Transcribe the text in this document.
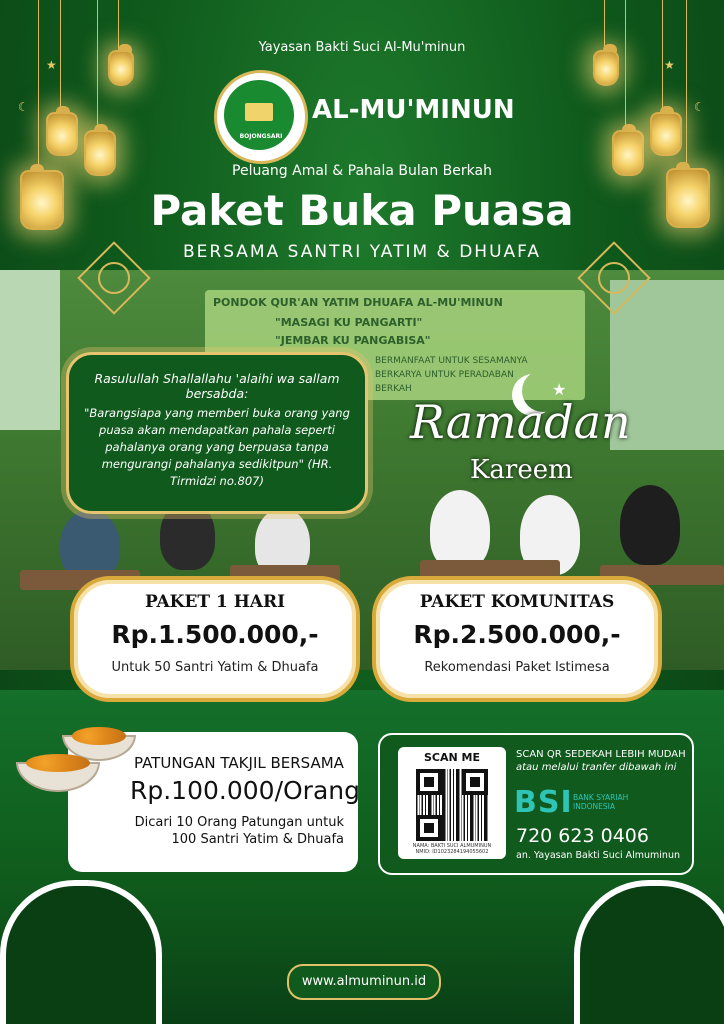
★	★
☾	☾
Yayasan Bakti Suci Al-Mu'minun
BOJONGSARI
AL-MU'MINUN
Peluang Amal & Pahala Bulan Berkah
Paket Buka Puasa
BERSAMA SANTRI YATIM & DHUAFA
PONDOK QUR'AN YATIM DHUAFA AL-MU'MINUN
"MASAGI KU PANGARTI"
"JEMBAR KU PANGABISA"
BERMANFAAT UNTUK SESAMANYA
BERKARYA UNTUK PERADABAN
BERKAH
Rasulullah Shallallahu 'alaihi wa sallam bersabda:
"Barangsiapa yang memberi buka orang yang puasa akan mendapatkan pahala seperti pahalanya orang yang berpuasa tanpa mengurangi pahalanya sedikitpun" (HR. Tirmidzi no.807)
★
Ramadan
Kareem
PAKET 1 HARI
Rp.1.500.000,-
Untuk 50 Santri Yatim & Dhuafa
PAKET KOMUNITAS
Rp.2.500.000,-
Rekomendasi Paket Istimesa
PATUNGAN TAKJIL BERSAMA
Rp.100.000/Orang
Dicari 10 Orang Patungan untuk 100 Santri Yatim & Dhuafa
SCAN ME
NAMA: BAKTI SUCI ALMUMINUN
NMID: ID1023284194055602
SCAN QR SEDEKAH LEBIH MUDAH
atau melalui tranfer dibawah ini
BSI BANK SYARIAH INDONESIA
720 623 0406
an. Yayasan Bakti Suci Almuminun
www.almuminun.id
